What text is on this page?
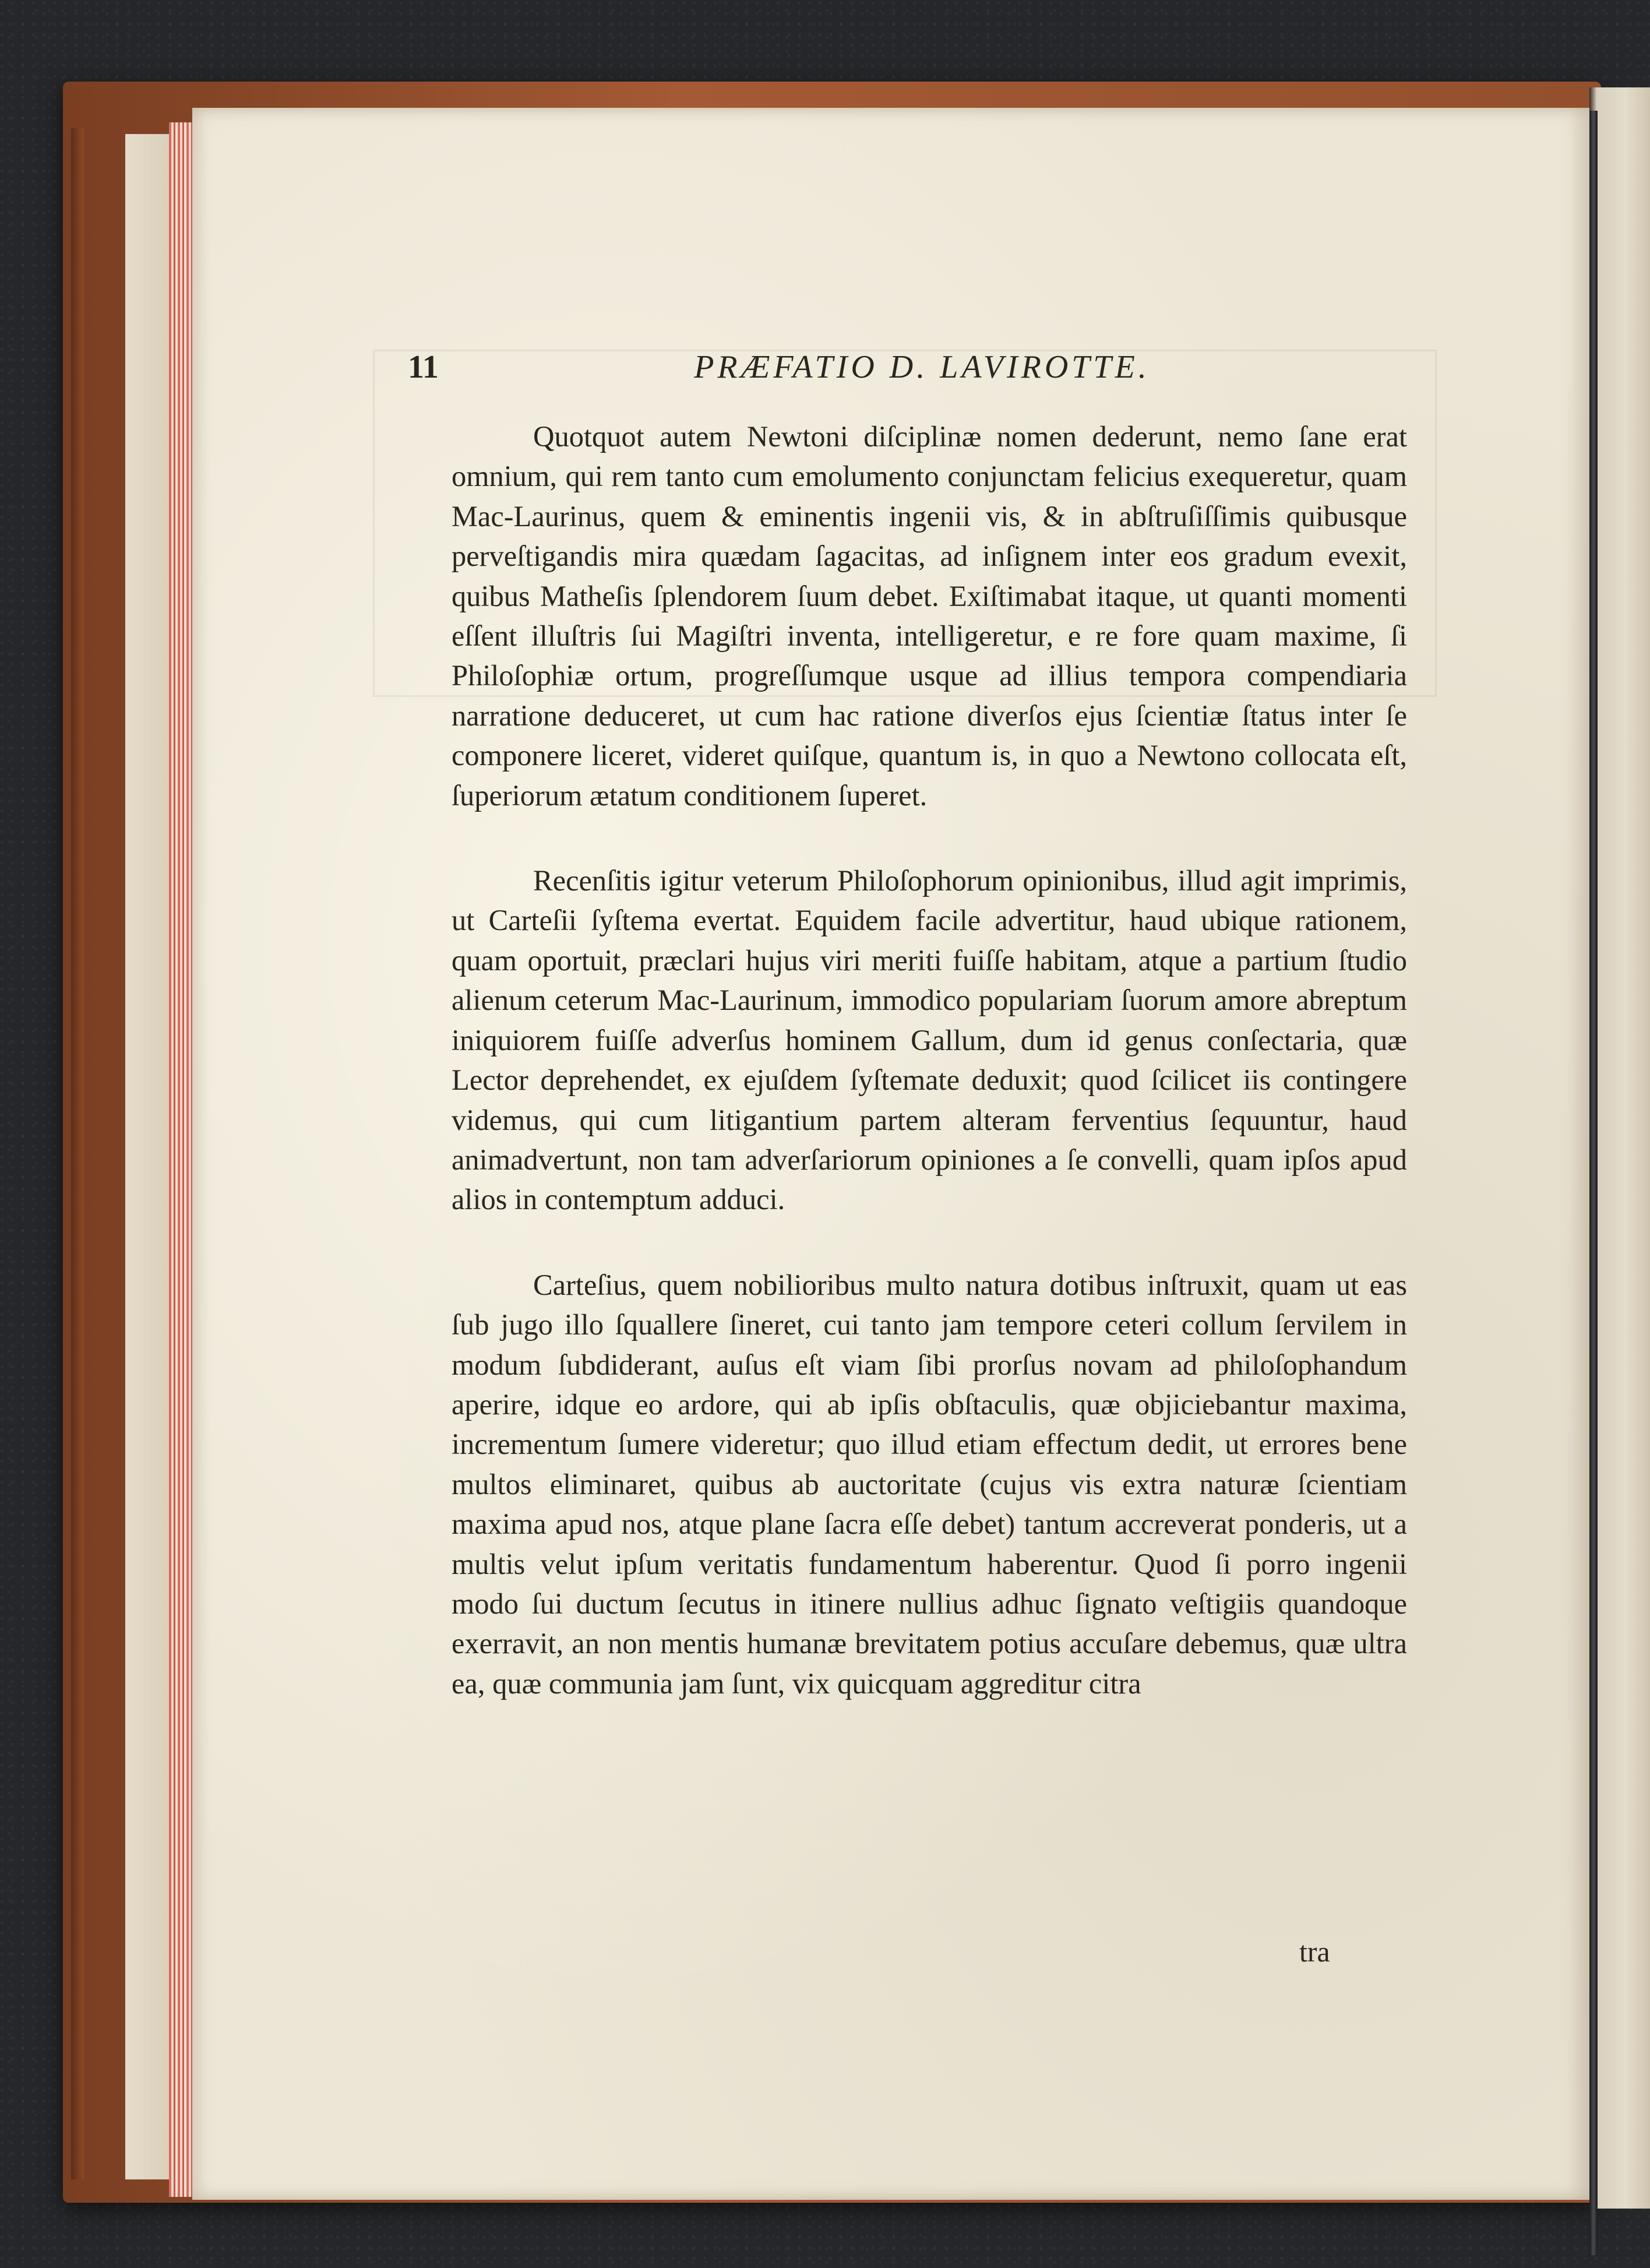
11	PRÆFATIO D. LAVIROTTE.

Quotquot autem Newtoni diſciplinæ nomen dederunt, nemo ſane erat omnium, qui rem tanto cum emolumento conjunctam felicius exequeretur, quam Mac-Laurinus, quem & eminentis ingenii vis, & in abſtruſiſſimis quibusque perveſtigandis mira quædam ſagacitas, ad inſignem inter eos gradum evexit, quibus Matheſis ſplendorem ſuum debet. Exiſtimabat itaque, ut quanti momenti eſſent illuſtris ſui Magiſtri inventa, intelligeretur, e re fore quam maxime, ſi Philoſophiæ ortum, progreſſumque usque ad illius tempora compendiaria narratione deduceret, ut cum hac ratione diverſos ejus ſcientiæ ſtatus inter ſe componere liceret, videret quiſque, quantum is, in quo a Newtono collocata eſt, ſuperiorum ætatum conditionem ſuperet.

Recenſitis igitur veterum Philoſophorum opinionibus, illud agit imprimis, ut Carteſii ſyſtema evertat. Equidem facile advertitur, haud ubique rationem, quam oportuit, præclari hujus viri meriti fuiſſe habitam, atque a partium ſtudio alienum ceterum Mac-Laurinum, immodico populariam ſuorum amore abreptum iniquiorem fuiſſe adverſus hominem Gallum, dum id genus conſectaria, quæ Lector deprehendet, ex ejuſdem ſyſtemate deduxit; quod ſcilicet iis contingere videmus, qui cum litigantium partem alteram ferventius ſequuntur, haud animadvertunt, non tam adverſariorum opiniones a ſe convelli, quam ipſos apud alios in contemptum adduci.

Carteſius, quem nobilioribus multo natura dotibus inſtruxit, quam ut eas ſub jugo illo ſquallere ſineret, cui tanto jam tempore ceteri collum ſervilem in modum ſubdiderant, auſus eſt viam ſibi prorſus novam ad philoſophandum aperire, idque eo ardore, qui ab ipſis obſtaculis, quæ objiciebantur maxima, incrementum ſumere videretur; quo illud etiam effectum dedit, ut errores bene multos eliminaret, quibus ab auctoritate (cujus vis extra naturæ ſcientiam maxima apud nos, atque plane ſacra eſſe debet) tantum accreverat ponderis, ut a multis velut ipſum veritatis fundamentum haberentur. Quod ſi porro ingenii modo ſui ductum ſecutus in itinere nullius adhuc ſignato veſtigiis quandoque exerravit, an non mentis humanæ brevitatem potius accuſare debemus, quæ ultra ea, quæ communia jam ſunt, vix quicquam aggreditur citra

tra
